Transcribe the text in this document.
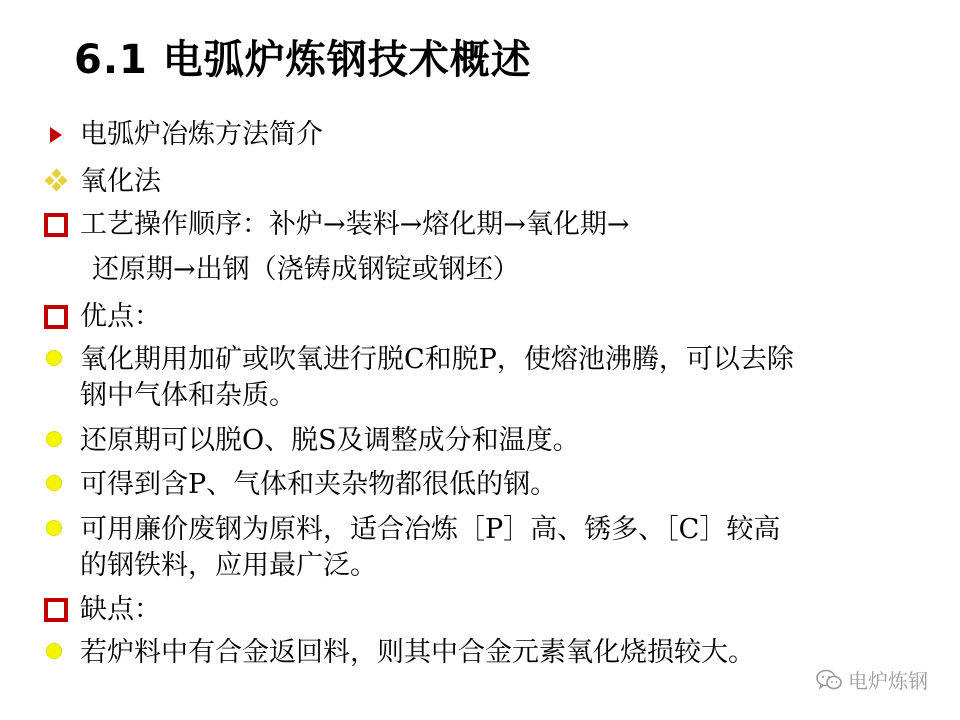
6.1 电弧炉炼钢技术概述
电弧炉冶炼方法简介
氧化法
工艺操作顺序：补炉→装料→熔化期→氧化期→
还原期→出钢（浇铸成钢锭或钢坯）
优点：
氧化期用加矿或吹氧进行脱C和脱P，使熔池沸腾，可以去除
钢中气体和杂质。
还原期可以脱O、脱S及调整成分和温度。
可得到含P、气体和夹杂物都很低的钢。
可用廉价废钢为原料，适合冶炼［P］高、锈多、［C］较高
的钢铁料，应用最广泛。
缺点：
若炉料中有合金返回料，则其中合金元素氧化烧损较大。
电炉炼钢
